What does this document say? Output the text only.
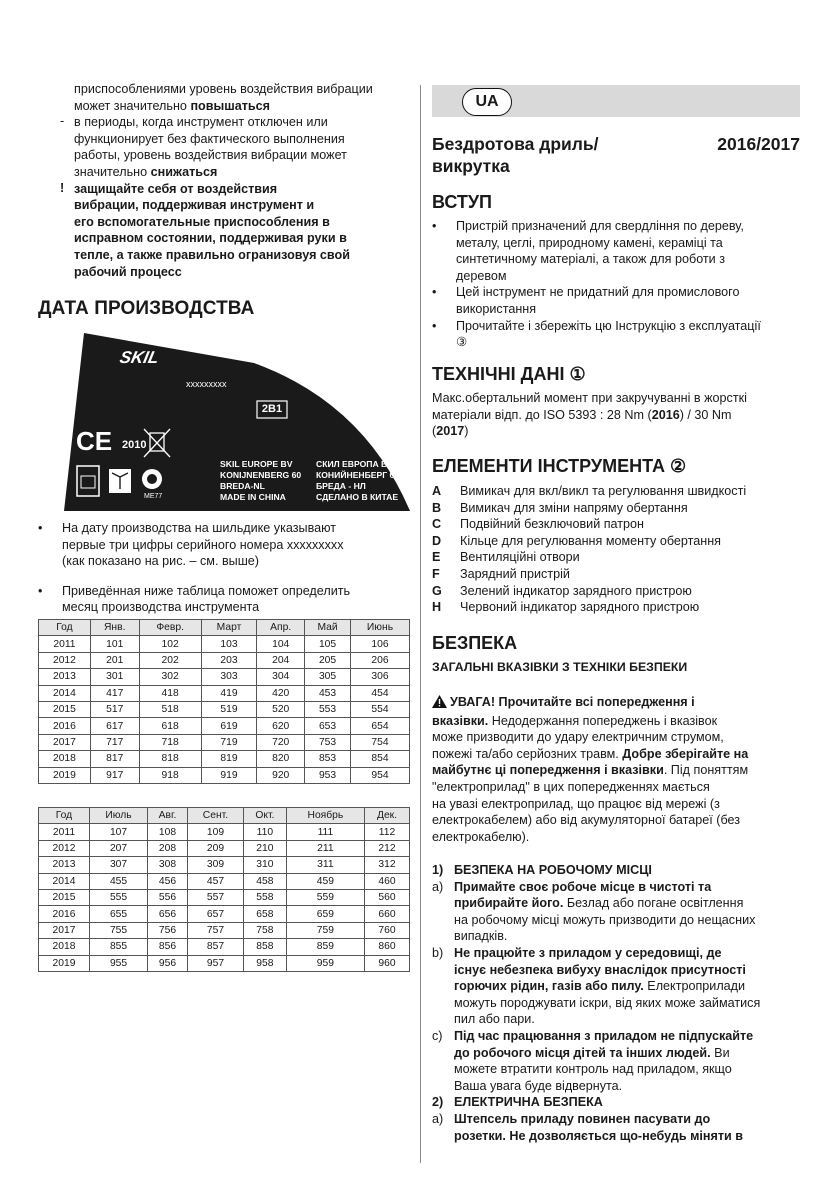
приспособлениями уровень воздействия вибрации

может значительно повышаться

- в периоды, когда инструмент отключен или

функционирует без фактического выполнения

работы, уровень воздействия вибрации может

значительно снижаться

! защищайте себя от воздействия

вибрации, поддерживая инструмент и

его вспомогательные приспособления в

исправном состоянии, поддерживая руки в

тепле, а также правильно огранизовуя свой

рабочий процесс

ДАТА ПРОИЗВОДСТВА
SKIL
xxxxxxxxx
2B1
CE 2010
ME77
SKIL EUROPE BV
KONIJNENBERG 60
BREDA-NL
MADE IN CHINA
СКИЛ ЕВРОПА БВ
КОНИЙНЕНБЕРГ 60
БРЕДА - НЛ
СДЕЛАНО В КИТАЕ
• На дату производства на шильдике указывают
первые три цифры серийного номера xxxxxxxxx
(как показано на рис. – см. выше)
• Приведённая ниже таблица поможет определить
месяц производства инструмента
Год	Янв.	Февр.	Март	Апр.	Май	Июнь
2011	101	102	103	104	105	106
2012	201	202	203	204	205	206
2013	301	302	303	304	305	306
2014	417	418	419	420	453	454
2015	517	518	519	520	553	554
2016	617	618	619	620	653	654
2017	717	718	719	720	753	754
2018	817	818	819	820	853	854
2019	917	918	919	920	953	954
Год	Июль	Авг.	Сент.	Окт.	Ноябрь	Дек.
2011	107	108	109	110	111	112
2012	207	208	209	210	211	212
2013	307	308	309	310	311	312
2014	455	456	457	458	459	460
2015	555	556	557	558	559	560
2016	655	656	657	658	659	660
2017	755	756	757	758	759	760
2018	855	856	857	858	859	860
2019	955	956	957	958	959	960
UA
Бездротова дриль/
викрутка
2016/2017
ВСТУП
• Пристрій призначений для свердління по дереву,
металу, цеглі, природному камені, кераміці та
синтетичному матеріалі, а також для роботи з
деревом
• Цей інструмент не придатний для промислового
використання
• Прочитайте і збережіть цю Інструкцію з експлуатації
③
ТЕХНІЧНІ ДАНІ ①

Макс.обертальний момент при закручуванні в жорсткі

матеріали відп. до ISO 5393 : 28 Nm (2016) / 30 Nm

(2017)

ЕЛЕМЕНТИ ІНСТРУМЕНТА ②
A Вимикач для вкл/викл та регулювання швидкості
B Вимикач для зміни напряму обертання
C Подвійний безключовий патрон
D Кільце для регулювання моменту обертання
E Вентиляційні отвори
F Зарядний пристрій
G Зелений індикатор зарядного пристрою
H Червоний індикатор зарядного пристрою
БЕЗПЕКА
ЗАГАЛЬНІ ВКАЗІВКИ З ТЕХНІКИ БЕЗПЕКИ

УВАГА! Прочитайте всі попередження і

вказівки. Недодержання попереджень і вказівок

може призводити до удару електричним струмом,

пожежі та/або серйозних травм. Добре зберігайте на

майбутнє ці попередження і вказівки. Під поняттям

"електроприлад" в цих попередженнях мається

на увазі електроприлад, що працює від мережі (з

електрокабелем) або від акумуляторної батареї (без

електрокабелю).

1) БЕЗПЕКА НА РОБОЧОМУ МІСЦІ

a) Примайте своє робоче місце в чистоті та
прибирайте його. Безлад або погане освітлення
на робочому місці можуть призводити до нещасних
випадків.
b) Не працюйте з приладом у середовищі, де
існує небезпека вибуху внаслідок присутності
горючих рідин, газів або пилу. Електроприлади
можуть породжувати іскри, від яких може займатися
пил або пари.
c) Під час працювання з приладом не підпускайте
до робочого місця дітей та інших людей. Ви
можете втратити контроль над приладом, якщо
Ваша увага буде відвернута.

2) ЕЛЕКТРИЧНА БЕЗПЕКА

a) Штепсель приладу повинен пасувати до
розетки. Не дозволяється що-небудь міняти в
